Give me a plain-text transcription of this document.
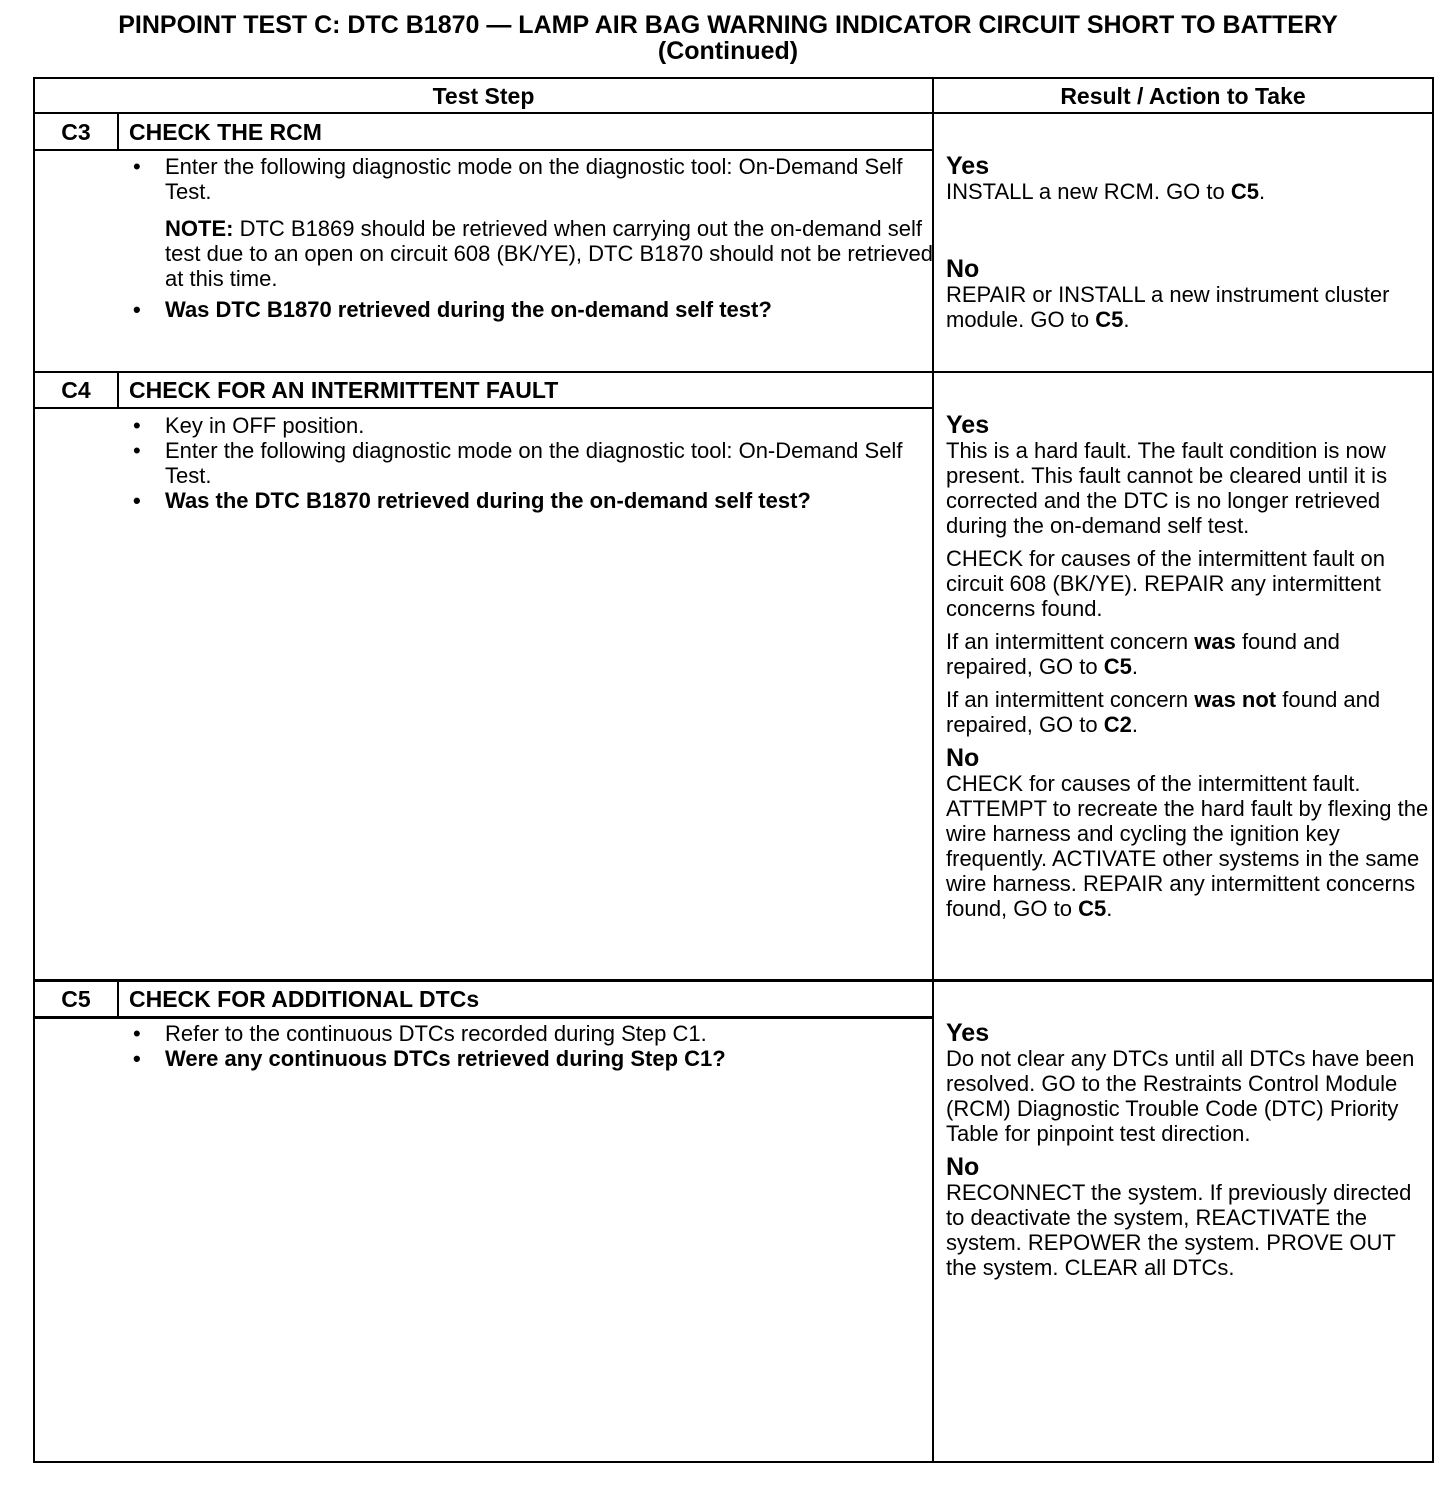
PINPOINT TEST C: DTC B1870 — LAMP AIR BAG WARNING INDICATOR CIRCUIT SHORT TO BATTERY
(Continued)
Test Step	Result / Action to Take
C3	CHECK THE RCM
• Enter the following diagnostic mode on the diagnostic tool: On-Demand Self Test.
NOTE: DTC B1869 should be retrieved when carrying out the on-demand self test due to an open on circuit 608 (BK/YE), DTC B1870 should not be retrieved at this time.
• Was DTC B1870 retrieved during the on-demand self test?
Yes

INSTALL a new RCM. GO to C5.

No

REPAIR or INSTALL a new instrument cluster module. GO to C5.

C4	CHECK FOR AN INTERMITTENT FAULT
• Key in OFF position.
• Enter the following diagnostic mode on the diagnostic tool: On-Demand Self Test.
• Was the DTC B1870 retrieved during the on-demand self test?
Yes

This is a hard fault. The fault condition is now present. This fault cannot be cleared until it is corrected and the DTC is no longer retrieved during the on-demand self test.

CHECK for causes of the intermittent fault on circuit 608 (BK/YE). REPAIR any intermittent concerns found.

If an intermittent concern was found and repaired, GO to C5.

If an intermittent concern was not found and repaired, GO to C2.

No

CHECK for causes of the intermittent fault. ATTEMPT to recreate the hard fault by flexing the wire harness and cycling the ignition key frequently. ACTIVATE other systems in the same wire harness. REPAIR any intermittent concerns found, GO to C5.

C5	CHECK FOR ADDITIONAL DTCs
• Refer to the continuous DTCs recorded during Step C1.
• Were any continuous DTCs retrieved during Step C1?
Yes

Do not clear any DTCs until all DTCs have been resolved. GO to the Restraints Control Module (RCM) Diagnostic Trouble Code (DTC) Priority Table for pinpoint test direction.

No

RECONNECT the system. If previously directed to deactivate the system, REACTIVATE the system. REPOWER the system. PROVE OUT the system. CLEAR all DTCs.
